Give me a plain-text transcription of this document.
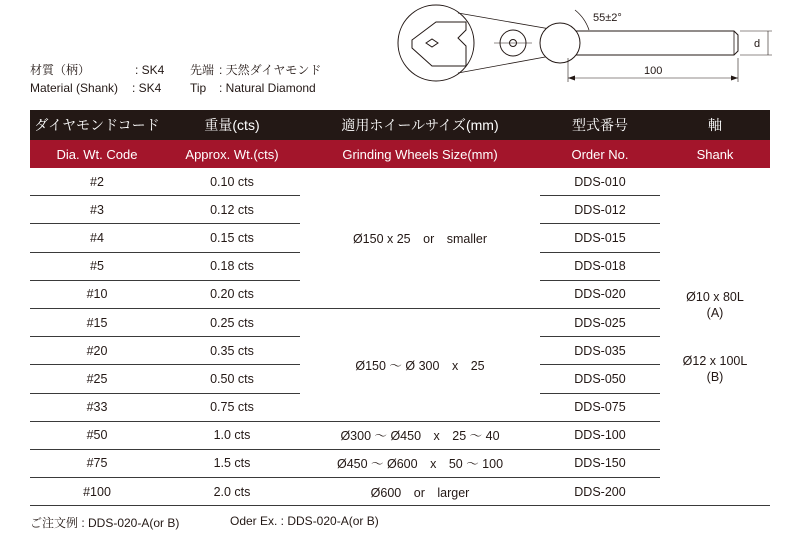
55±2°
d
100

材質（柄）

	: SK4

先端

: 天然ダイヤモンド

Material (Shank)

: SK4

Tip

: Natural Diamond

ダイヤモンドコード	重量(cts)	適用ホイールサイズ(mm)	型式番号	軸
Dia. Wt. Code	Approx. Wt.(cts)	Grinding Wheels Size(mm)	Order No.	Shank
#2	0.10 cts	Ø150 x 25　or　smaller	DDS-010	Ø10 x 80L
(A)
Ø12 x 100L
(B)

#3	0.12 cts		DDS-012	
#4	0.15 cts		DDS-015	
#5	0.18 cts		DDS-018	
#10	0.20 cts		DDS-020	
#15	0.25 cts	Ø150 〜 Ø 300　x　25	DDS-025	
#20	0.35 cts		DDS-035	
#25	0.50 cts		DDS-050	
#33	0.75 cts		DDS-075	
#50	1.0 cts	Ø300 〜 Ø450　x　25 〜 40	DDS-100	
#75	1.5 cts	Ø450 〜 Ø600　x　50 〜 100	DDS-150	
#100	2.0 cts	Ø600　or　larger	DDS-200	
ご注文例 : DDS-020-A(or B)	Oder Ex. : DDS-020-A(or B)
